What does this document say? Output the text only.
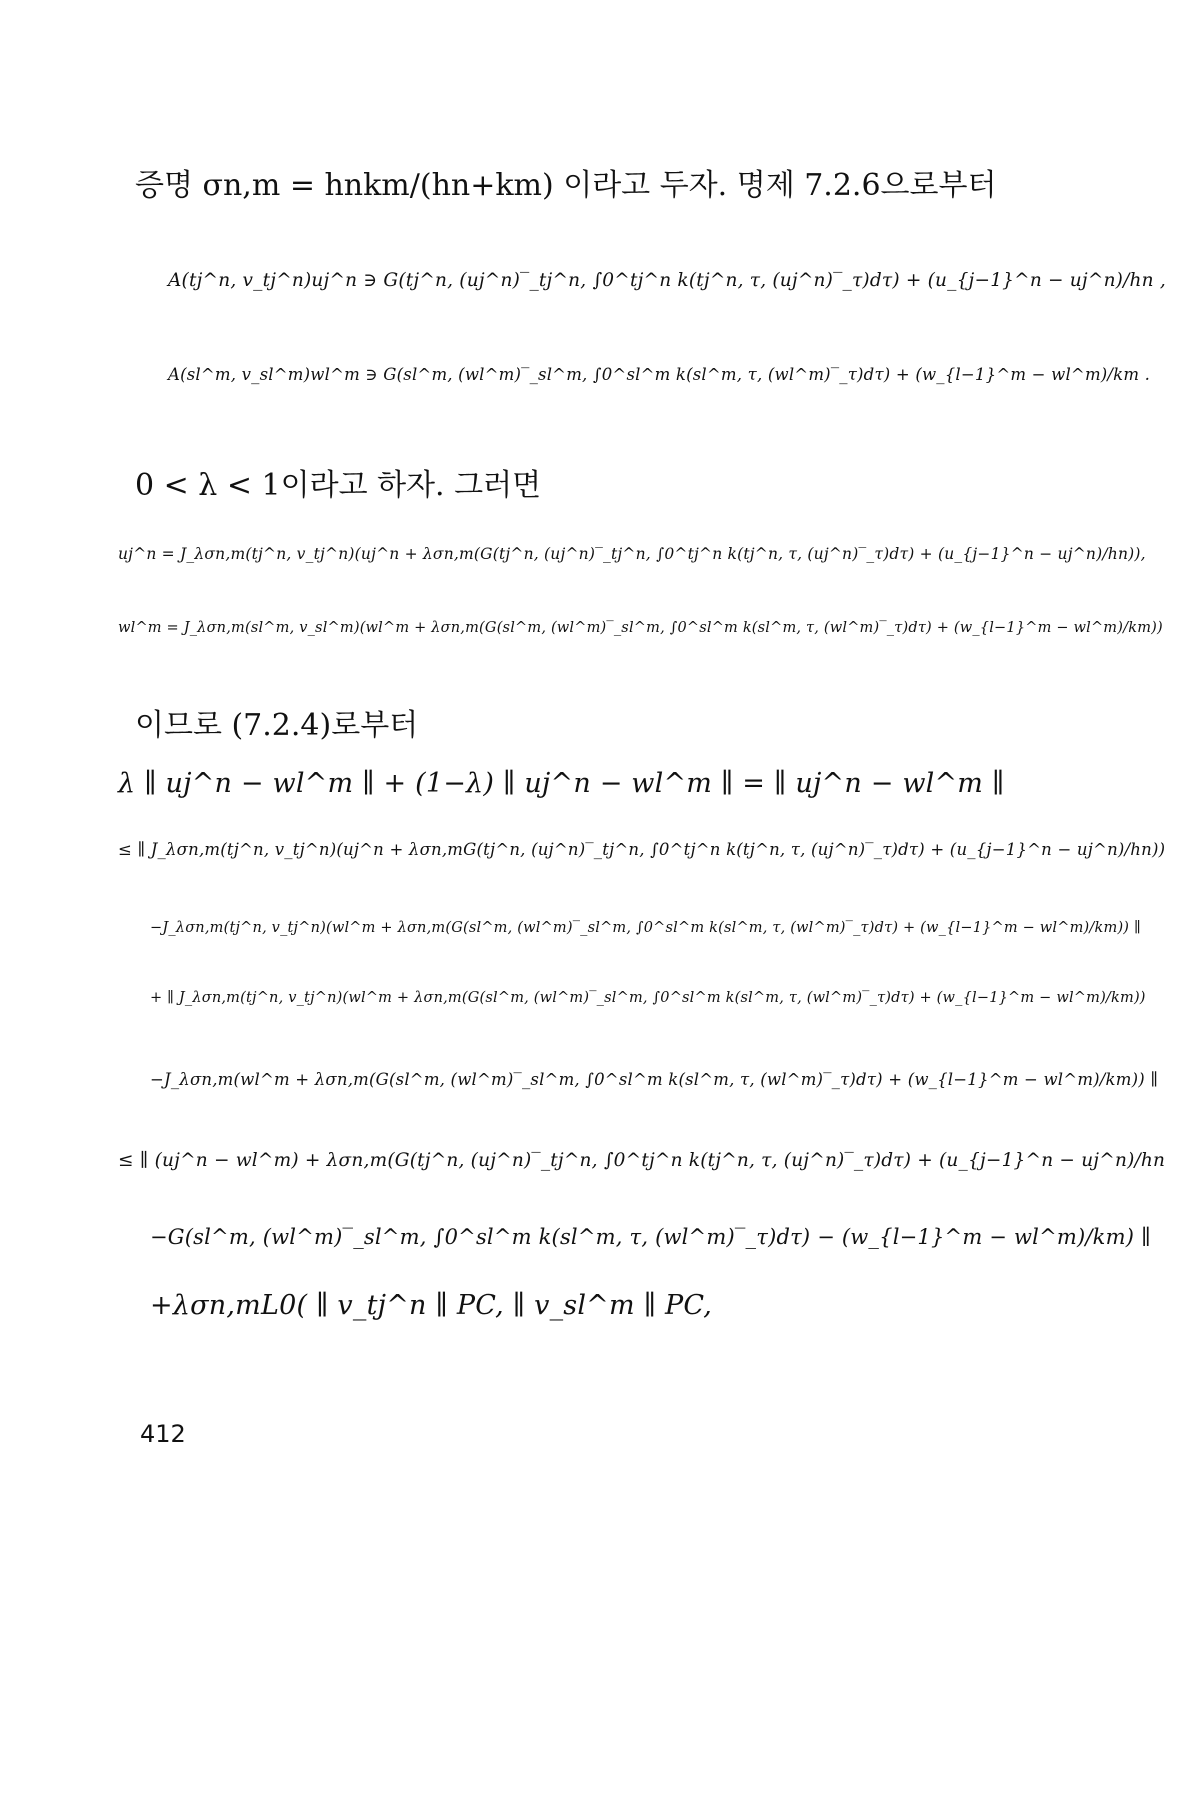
증명 σn,m = hnkm/(hn+km) 이라고 두자. 명제 7.2.6으로부터
A(tj^n, v_tj^n)uj^n ∋ G(tj^n, (uj^n)‾_tj^n, ∫0^tj^n k(tj^n, τ, (uj^n)‾_τ)dτ) + (u_{j−1}^n − uj^n)/hn ,
A(sl^m, v_sl^m)wl^m ∋ G(sl^m, (wl^m)‾_sl^m, ∫0^sl^m k(sl^m, τ, (wl^m)‾_τ)dτ) + (w_{l−1}^m − wl^m)/km .
0 < λ < 1이라고 하자. 그러면
uj^n = J_λσn,m(tj^n, v_tj^n)(uj^n + λσn,m(G(tj^n, (uj^n)‾_tj^n, ∫0^tj^n k(tj^n, τ, (uj^n)‾_τ)dτ) + (u_{j−1}^n − uj^n)/hn)),
wl^m = J_λσn,m(sl^m, v_sl^m)(wl^m + λσn,m(G(sl^m, (wl^m)‾_sl^m, ∫0^sl^m k(sl^m, τ, (wl^m)‾_τ)dτ) + (w_{l−1}^m − wl^m)/km))
이므로 (7.2.4)로부터
λ ∥ uj^n − wl^m ∥ + (1−λ) ∥ uj^n − wl^m ∥ = ∥ uj^n − wl^m ∥
≤ ∥ J_λσn,m(tj^n, v_tj^n)(uj^n + λσn,mG(tj^n, (uj^n)‾_tj^n, ∫0^tj^n k(tj^n, τ, (uj^n)‾_τ)dτ) + (u_{j−1}^n − uj^n)/hn))
−J_λσn,m(tj^n, v_tj^n)(wl^m + λσn,m(G(sl^m, (wl^m)‾_sl^m, ∫0^sl^m k(sl^m, τ, (wl^m)‾_τ)dτ) + (w_{l−1}^m − wl^m)/km)) ∥
+ ∥ J_λσn,m(tj^n, v_tj^n)(wl^m + λσn,m(G(sl^m, (wl^m)‾_sl^m, ∫0^sl^m k(sl^m, τ, (wl^m)‾_τ)dτ) + (w_{l−1}^m − wl^m)/km))
−J_λσn,m(wl^m + λσn,m(G(sl^m, (wl^m)‾_sl^m, ∫0^sl^m k(sl^m, τ, (wl^m)‾_τ)dτ) + (w_{l−1}^m − wl^m)/km)) ∥
≤ ∥ (uj^n − wl^m) + λσn,m(G(tj^n, (uj^n)‾_tj^n, ∫0^tj^n k(tj^n, τ, (uj^n)‾_τ)dτ) + (u_{j−1}^n − uj^n)/hn
−G(sl^m, (wl^m)‾_sl^m, ∫0^sl^m k(sl^m, τ, (wl^m)‾_τ)dτ) − (w_{l−1}^m − wl^m)/km) ∥
+λσn,mL0( ∥ v_tj^n ∥ PC, ∥ v_sl^m ∥ PC,
412
